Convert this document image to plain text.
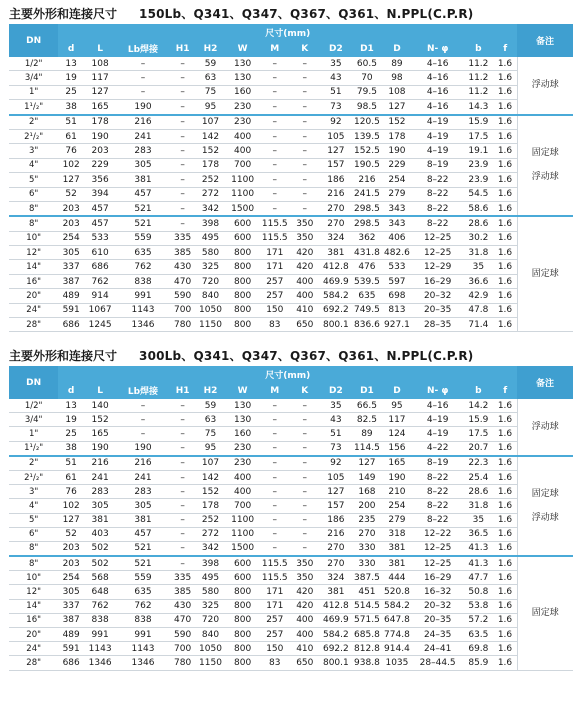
主要外形和连接尺寸 150Lb、Q341、Q347、Q367、Q361、N.PPL(C.P.R)
DN	尺寸(mm)														备注
	d	L	Lb焊接	H1	H2	W	M	K	D2	D1	D	N- φ	b	f	
1/2"	13	108	–	–	59	130	–	–	35	60.5	89	4–16	11.2	1.6	浮动球

3/4"	19	117	–	–	63	130	–	–	43	70	98	4–16	11.2	1.6	
1"	25	127	–	–	75	160	–	–	51	79.5	108	4–16	11.2	1.6	
1¹/₂"	38	165	190	–	95	230	–	–	73	98.5	127	4–16	14.3	1.6	
2"	51	178	216	–	107	230	–	–	92	120.5	152	4–19	15.9	1.6	固定球
浮动球

2¹/₂"	61	190	241	–	142	400	–	–	105	139.5	178	4–19	17.5	1.6	
3"	76	203	283	–	152	400	–	–	127	152.5	190	4–19	19.1	1.6	
4"	102	229	305	–	178	700	–	–	157	190.5	229	8–19	23.9	1.6	
5"	127	356	381	–	252	1100	–	–	186	216	254	8–22	23.9	1.6	
6"	52	394	457	–	272	1100	–	–	216	241.5	279	8–22	54.5	1.6	
8"	203	457	521	–	342	1500	–	–	270	298.5	343	8–22	58.6	1.6	
8"	203	457	521	–	398	600	115.5	350	270	298.5	343	8–22	28.6	1.6	固定球

10"	254	533	559	335	495	600	115.5	350	324	362	406	12–25	30.2	1.6	
12"	305	610	635	385	580	800	171	420	381	431.8	482.6	12–25	31.8	1.6	
14"	337	686	762	430	325	800	171	420	412.8	476	533	12–29	35	1.6	
16"	387	762	838	470	720	800	257	400	469.9	539.5	597	16–29	36.6	1.6	
20"	489	914	991	590	840	800	257	400	584.2	635	698	20–32	42.9	1.6	
24"	591	1067	1143	700	1050	800	150	410	692.2	749.5	813	20–35	47.8	1.6	
28"	686	1245	1346	780	1150	800	83	650	800.1	836.6	927.1	28–35	71.4	1.6	
主要外形和连接尺寸 300Lb、Q341、Q347、Q367、Q361、N.PPL(C.P.R)
DN	尺寸(mm)														备注
	d	L	Lb焊接	H1	H2	W	M	K	D2	D1	D	N- φ	b	f	
1/2"	13	140	–	–	59	130	–	–	35	66.5	95	4–16	14.2	1.6	浮动球

3/4"	19	152	–	–	63	130	–	–	43	82.5	117	4–19	15.9	1.6	
1"	25	165	–	–	75	160	–	–	51	89	124	4–19	17.5	1.6	
1¹/₂"	38	190	190	–	95	230	–	–	73	114.5	156	4–22	20.7	1.6	
2"	51	216	216	–	107	230	–	–	92	127	165	8–19	22.3	1.6	固定球
浮动球

2¹/₂"	61	241	241	–	142	400	–	–	105	149	190	8–22	25.4	1.6	
3"	76	283	283	–	152	400	–	–	127	168	210	8–22	28.6	1.6	
4"	102	305	305	–	178	700	–	–	157	200	254	8–22	31.8	1.6	
5"	127	381	381	–	252	1100	–	–	186	235	279	8–22	35	1.6	
6"	52	403	457	–	272	1100	–	–	216	270	318	12–22	36.5	1.6	
8"	203	502	521	–	342	1500	–	–	270	330	381	12–25	41.3	1.6	
8"	203	502	521	–	398	600	115.5	350	270	330	381	12–25	41.3	1.6	固定球

10"	254	568	559	335	495	600	115.5	350	324	387.5	444	16–29	47.7	1.6	
12"	305	648	635	385	580	800	171	420	381	451	520.8	16–32	50.8	1.6	
14"	337	762	762	430	325	800	171	420	412.8	514.5	584.2	20–32	53.8	1.6	
16"	387	838	838	470	720	800	257	400	469.9	571.5	647.8	20–35	57.2	1.6	
20"	489	991	991	590	840	800	257	400	584.2	685.8	774.8	24–35	63.5	1.6	
24"	591	1143	1143	700	1050	800	150	410	692.2	812.8	914.4	24–41	69.8	1.6	
28"	686	1346	1346	780	1150	800	83	650	800.1	938.8	1035	28–44.5	85.9	1.6	
